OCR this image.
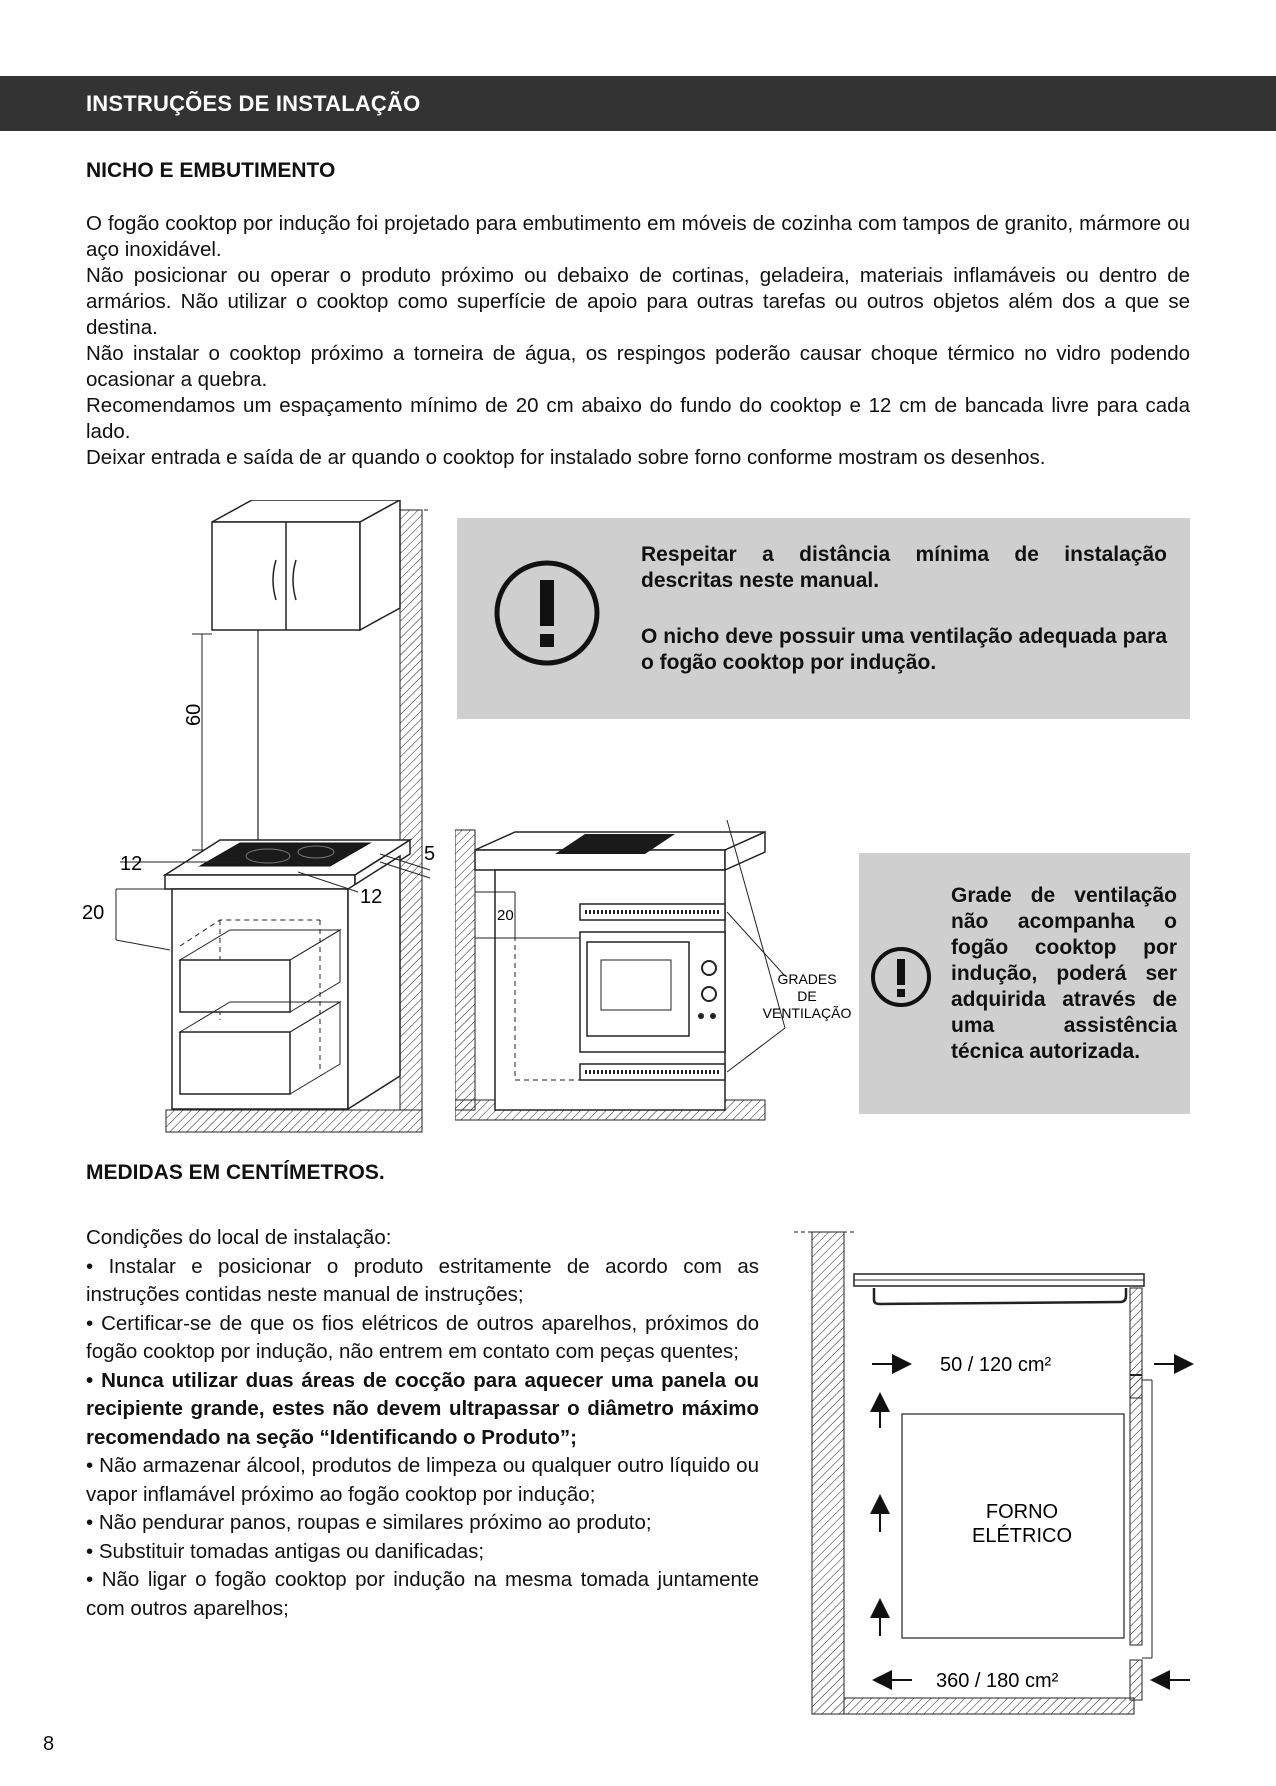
INSTRUÇÕES DE INSTALAÇÃO
NICHO E EMBUTIMENTO

O fogão cooktop por indução foi projetado para embutimento em móveis de cozinha com tampos de granito, mármore ou aço inoxidável.

Não posicionar ou operar o produto próximo ou debaixo de cortinas, geladeira, materiais inflamáveis ou dentro de armários. Não utilizar o cooktop como superfície de apoio para outras tarefas ou outros objetos além dos a que se destina.

Não instalar o cooktop próximo a torneira de água, os respingos poderão causar choque térmico no vidro podendo ocasionar a quebra.

Recomendamos um espaçamento mínimo de 20 cm abaixo do fundo do cooktop e 12 cm de bancada livre para cada lado.

Deixar entrada e saída de ar quando o cooktop for instalado sobre forno conforme mostram os desenhos.

60
12
12
5
20	20
GRADES
DE
VENTILAÇÃO
Respeitar a distância mínima de instalação descritas neste manual.
O nicho deve possuir uma ventilação adequada para o fogão cooktop por indução.
Grade de ventilação não acompanha o fogão cooktop por indução, poderá ser adquirida através de uma assistência técnica autorizada.
MEDIDAS EM CENTÍMETROS.

Condições do local de instalação:

• Instalar e posicionar o produto estritamente de acordo com as instruções contidas neste manual de instruções;

• Certificar-se de que os fios elétricos de outros aparelhos, próximos do fogão cooktop por indução, não entrem em contato com peças quentes;

• Nunca utilizar duas áreas de cocção para aquecer uma panela ou recipiente grande, estes não devem ultrapassar o diâmetro máximo recomendado na seção “Identificando o Produto”;

• Não armazenar álcool, produtos de limpeza ou qualquer outro líquido ou vapor inflamável próximo ao fogão cooktop por indução;

• Não pendurar panos, roupas e similares próximo ao produto;

• Substituir tomadas antigas ou danificadas;

• Não ligar o fogão cooktop por indução na mesma tomada juntamente com outros aparelhos;

FORNO
ELÉTRICO
50 / 120 cm²
360 / 180 cm²
8
